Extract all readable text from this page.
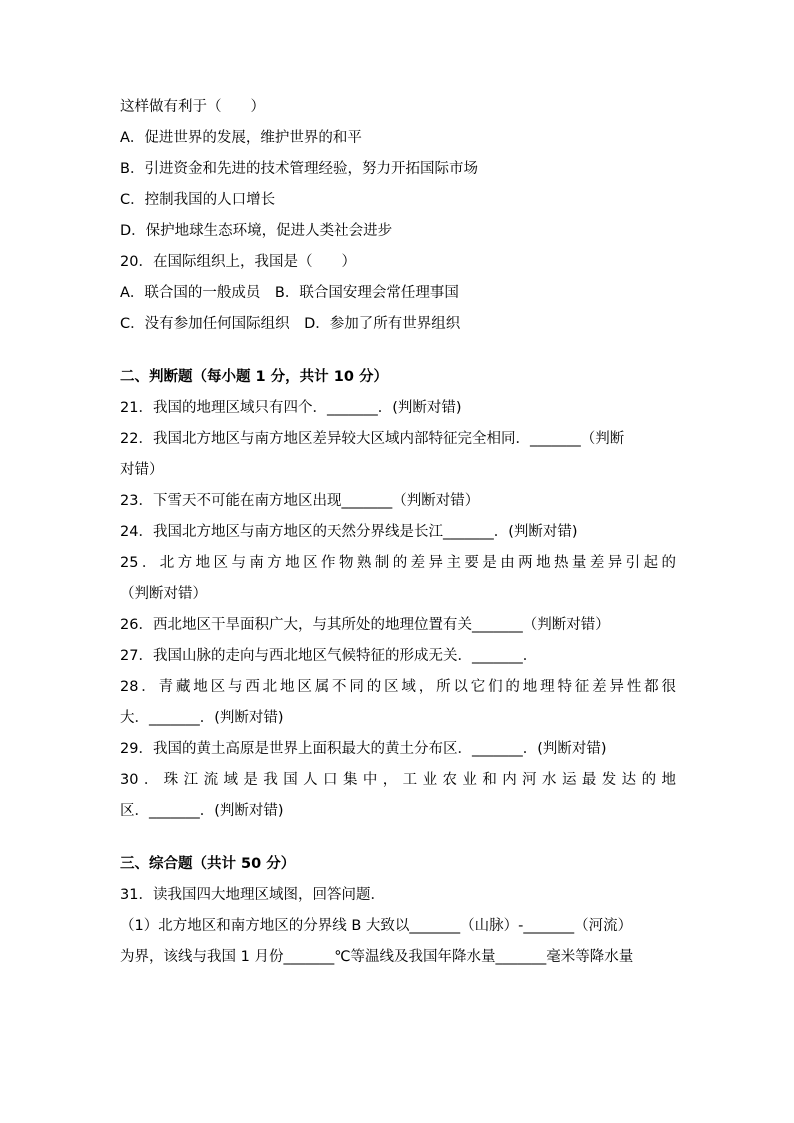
这样做有利于（　　）
A．促进世界的发展，维护世界的和平
B．引进资金和先进的技术管理经验，努力开拓国际市场
C．控制我国的人口增长
D．保护地球生态环境，促进人类社会进步
20．在国际组织上，我国是（　　）
A．联合国的一般成员　B．联合国安理会常任理事国
C．没有参加任何国际组织　D．参加了所有世界组织
二、判断题（每小题 1 分，共计 10 分）
21．我国的地理区域只有四个．_______．(判断对错)
22．我国北方地区与南方地区差异较大区域内部特征完全相同．_______（判断
对错）
23．下雪天不可能在南方地区出现_______（判断对错）
24．我国北方地区与南方地区的天然分界线是长江_______．(判断对错)
25．北方地区与南方地区作物熟制的差异主要是由两地热量差异引起的
（判断对错）
26．西北地区干旱面积广大，与其所处的地理位置有关_______（判断对错）
27．我国山脉的走向与西北地区气候特征的形成无关．_______．
28．青藏地区与西北地区属不同的区域，所以它们的地理特征差异性都很
大．_______．(判断对错)
29．我国的黄土高原是世界上面积最大的黄土分布区．_______．(判断对错)
30．珠江流域是我国人口集中，工业农业和内河水运最发达的地
区．_______．(判断对错)
三、综合题（共计 50 分）
31．读我国四大地理区域图，回答问题．
（1）北方地区和南方地区的分界线 B 大致以_______（山脉）-_______（河流）
为界，该线与我国 1 月份_______℃等温线及我国年降水量_______毫米等降水量
